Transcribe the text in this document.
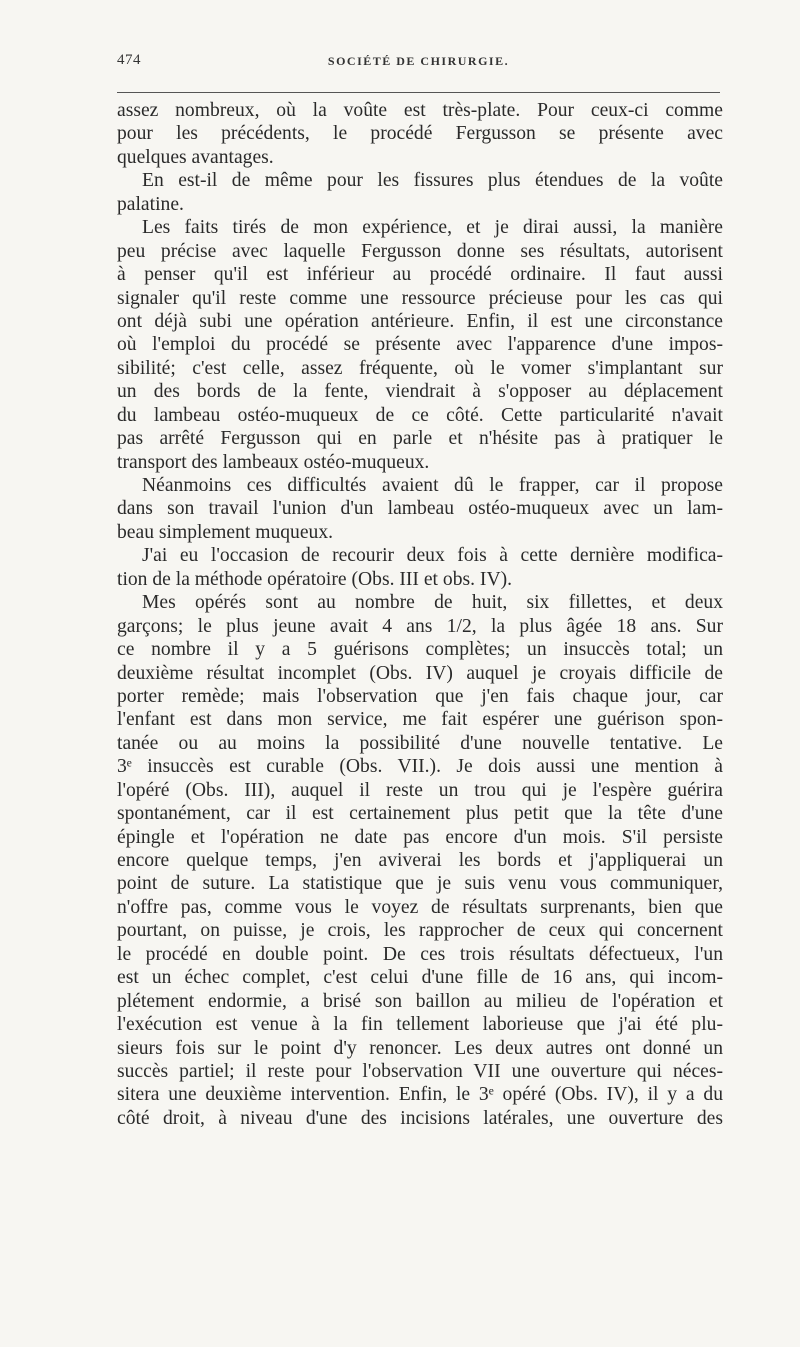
474	SOCIÉTÉ DE CHIRURGIE.
assez nombreux, où la voûte est très-plate. Pour ceux-ci comme
pour les précédents, le procédé Fergusson se présente avec
quelques avantages.
En est-il de même pour les fissures plus étendues de la voûte
palatine.
Les faits tirés de mon expérience, et je dirai aussi, la manière
peu précise avec laquelle Fergusson donne ses résultats, autorisent
à penser qu'il est inférieur au procédé ordinaire. Il faut aussi
signaler qu'il reste comme une ressource précieuse pour les cas qui
ont déjà subi une opération antérieure. Enfin, il est une circonstance
où l'emploi du procédé se présente avec l'apparence d'une impos-
sibilité; c'est celle, assez fréquente, où le vomer s'implantant sur
un des bords de la fente, viendrait à s'opposer au déplacement
du lambeau ostéo-muqueux de ce côté. Cette particularité n'avait
pas arrêté Fergusson qui en parle et n'hésite pas à pratiquer le
transport des lambeaux ostéo-muqueux.
Néanmoins ces difficultés avaient dû le frapper, car il propose
dans son travail l'union d'un lambeau ostéo-muqueux avec un lam-
beau simplement muqueux.
J'ai eu l'occasion de recourir deux fois à cette dernière modifica-
tion de la méthode opératoire (Obs. III et obs. IV).
Mes opérés sont au nombre de huit, six fillettes, et deux
garçons; le plus jeune avait 4 ans 1/2, la plus âgée 18 ans. Sur
ce nombre il y a 5 guérisons complètes; un insuccès total; un
deuxième résultat incomplet (Obs. IV) auquel je croyais difficile de
porter remède; mais l'observation que j'en fais chaque jour, car
l'enfant est dans mon service, me fait espérer une guérison spon-
tanée ou au moins la possibilité d'une nouvelle tentative. Le
3ᵉ insuccès est curable (Obs. VII.). Je dois aussi une mention à
l'opéré (Obs. III), auquel il reste un trou qui je l'espère guérira
spontanément, car il est certainement plus petit que la tête d'une
épingle et l'opération ne date pas encore d'un mois. S'il persiste
encore quelque temps, j'en aviverai les bords et j'appliquerai un
point de suture. La statistique que je suis venu vous communiquer,
n'offre pas, comme vous le voyez de résultats surprenants, bien que
pourtant, on puisse, je crois, les rapprocher de ceux qui concernent
le procédé en double point. De ces trois résultats défectueux, l'un
est un échec complet, c'est celui d'une fille de 16 ans, qui incom-
plétement endormie, a brisé son baillon au milieu de l'opération et
l'exécution est venue à la fin tellement laborieuse que j'ai été plu-
sieurs fois sur le point d'y renoncer. Les deux autres ont donné un
succès partiel; il reste pour l'observation VII une ouverture qui néces-
sitera une deuxième intervention. Enfin, le 3ᵉ opéré (Obs. IV), il y a du
côté droit, à niveau d'une des incisions latérales, une ouverture des
